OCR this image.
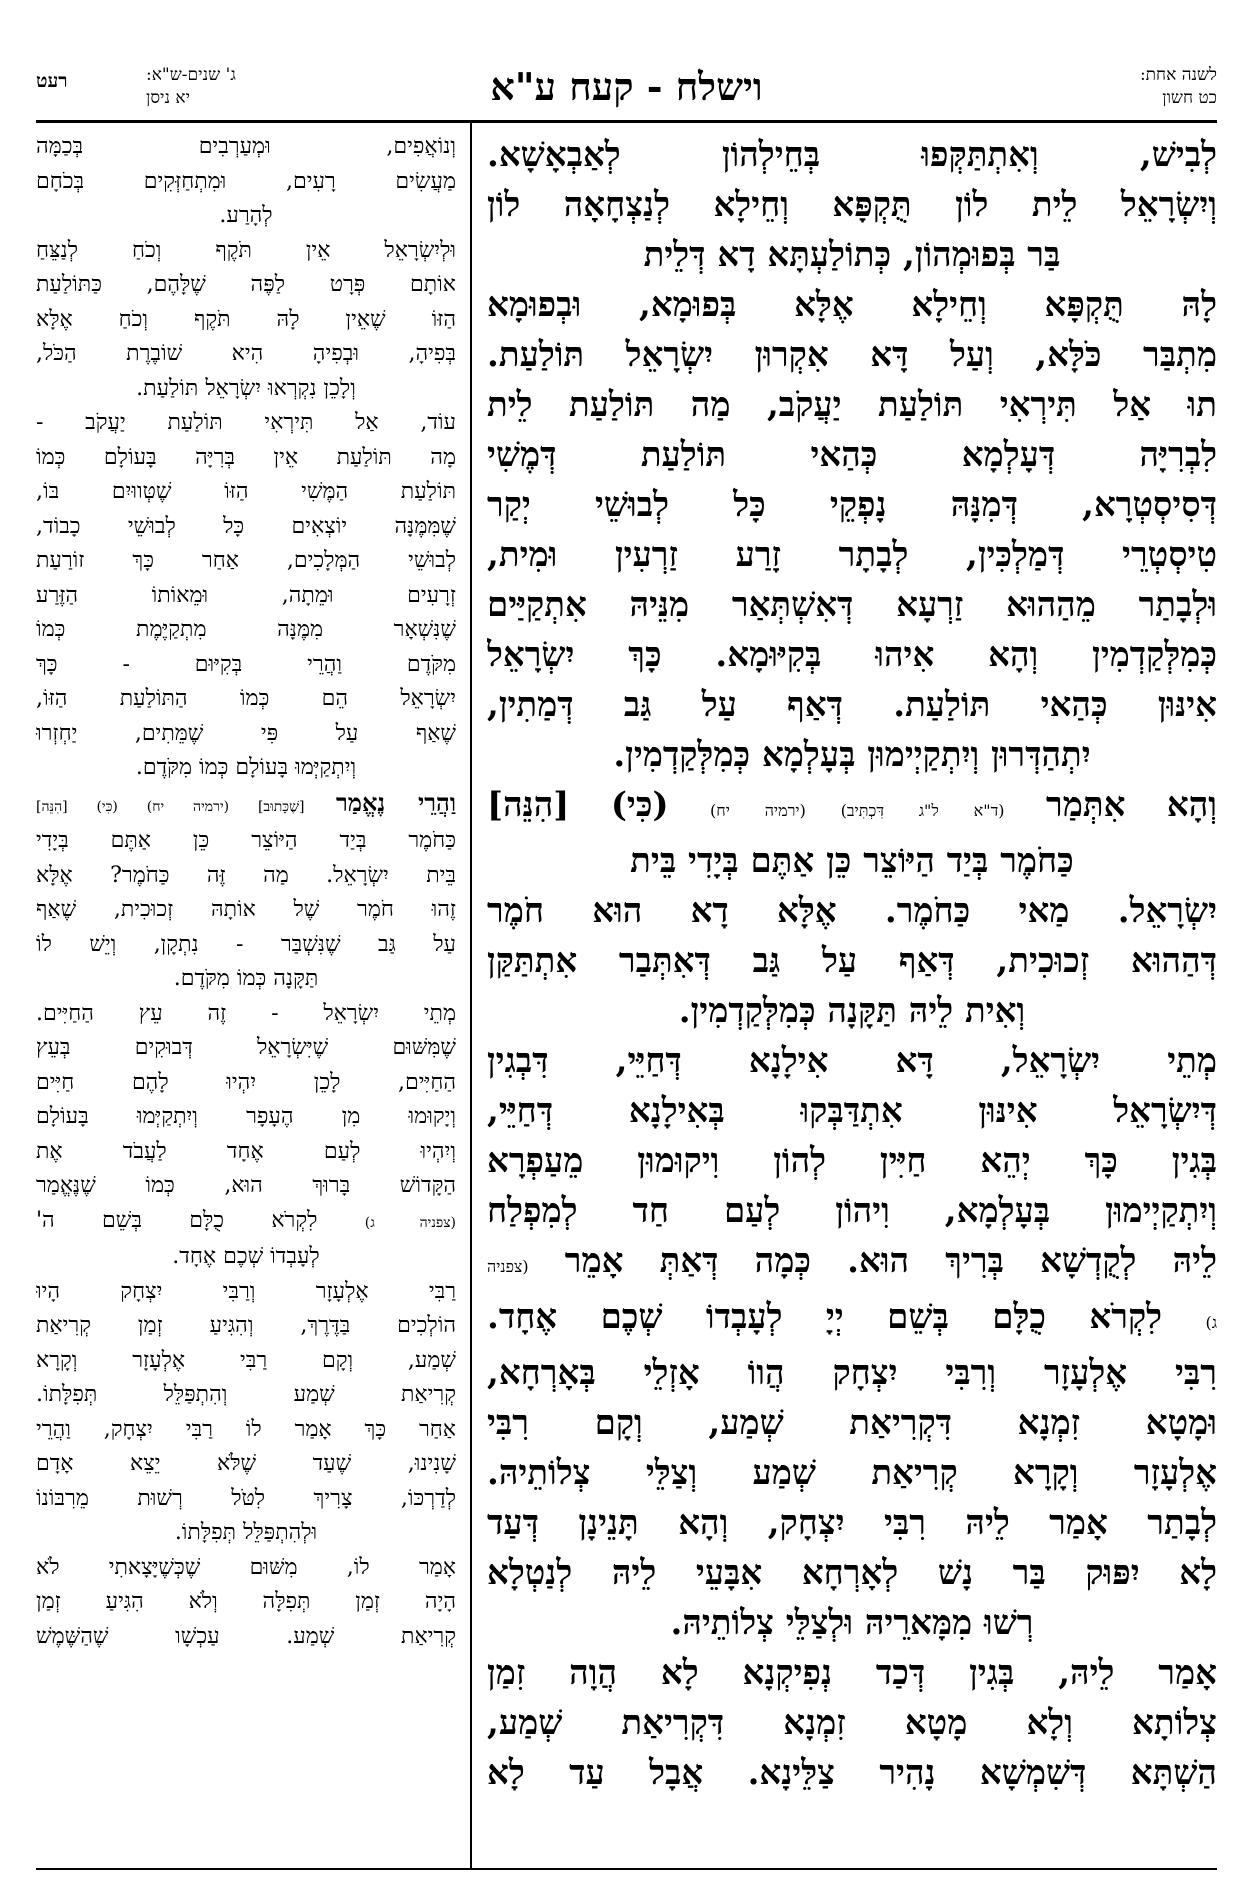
לשנה אחת:
כט חשון
וישלח - קעח ע"א
ג' שנים-ש"א:
יא ניסן
רעט

לְבִישׁ, וְאִתְתַּקְּפוּ בְּחֵילְהוֹן לְאַבְאָשָׁא.

וְיִשְׂרָאֵל לֵית לוֹן תֻּקְפָּא וְחֵילָא לְנַצְחָאָה לוֹן

בַּר בְּפוּמְהוֹן, כְּתוֹלַעְתָּא דָא דְּלֵית

לָהּ תֻּקְפָּא וְחֵילָא אֶלָּא בְּפוּמָא, וּבְפוּמָא

מִתְבַּר כֹּלָּא, וְעַל דָּא אִקְרוּן יִשְׂרָאֵל תּוֹלַעַת.

תוּ אַל תִּירְאִי תּוֹלַעַת יַעֲקֹב, מַה תּוֹלַעַת לֵית

לִבְרִיָּה דְּעָלְמָא כְּהַאי תּוֹלַעַת דְּמֶשִׁי

דְּסִיסְטְרָא, דְּמִנָּהּ נָפְקֵי כָּל לְבוּשֵׁי יְקַר

טִיסְטְרֵי דְּמַלְכִּין, לְבָתָר זָרַע זַרְעִין וּמִית,

וּלְבָתַר מֵהַהוּא זַרְעָא דְּאִשְׁתְּאַר מִנֵּיהּ אִתְקַיַּים

כְּמִלְּקַדְמִין וְהָא אִיהוּ בְּקִיּוּמָא. כָּךְ יִשְׂרָאֵל

אִינּוּן כְּהַאי תּוֹלַעַת. דְּאַף עַל גַּב דְּמַתִין,

יִתְהַדְּרוּן וְיִתְקַיְימוּן בְּעָלְמָא כְּמִלְּקַדְמִין.

וְהָא אִתְּמַר (ד"א ל"ג דִּכְתִּיב) (ירמיה יח) (כִּי) [הִנֵּה]

כַּחֹמֶר בְּיַד הַיּוֹצֵר כֵּן אַתֶּם בְּיָדִי בֵּית

יִשְׂרָאֵל. מַאי כַּחֹמֶר. אֶלָּא דָא הוּא חֹמֶר

דְּהַהוּא זְכוּכִית, דְּאַף עַל גַּב דְּאִתְּבַר אִתְתַּקַּן

וְאִית לֵיהּ תַּקָּנָה כְּמִלְּקַדְמִין.

מְתֵי יִשְׂרָאֵל, דָּא אִילָנָא דְּחַיֵּי, דִּבְגִין

דְּיִשְׂרָאֵל אִינּוּן אִתְדַּבְּקוּ בְּאִילָנָא דְּחַיֵּי,

בְּגִין כָּךְ יְהֵא חַיִּין לְהוֹן וִיקוּמוּן מֵעַפְרָא

וְיִתְקַיְימוּן בְּעָלְמָא, וִיהוֹן לְעַם חַד לְמִפְלַח

לֵיהּ לְקֻדְשָׁא בְּרִיךְ הוּא. כְּמָה דְּאַתְּ אָמֵר (צפניה

ג) לִקְרֹא כֻלָּם בְּשֵׁם יְיָ לְעָבְדוֹ שְׁכֶם אֶחָד.

רִבִּי אֶלְעָזָר וְרִבִּי יִצְחָק הֲווֹ אָזְלֵי בְּאָרְחָא,

וּמָטָא זִמְנָא דִּקְרִיאַת שְׁמַע, וְקָם רִבִּי

אֶלְעָזָר וְקָרָא קְרִיאַת שְׁמַע וְצַלֵּי צְלוֹתֵיהּ.

לְבָתַר אָמַר לֵיהּ רִבִּי יִצְחָק, וְהָא תָּנֵינָן דְּעַד

לָא יִפּוּק בַּר נָשׁ לְאָרְחָא אִבָּעֵי לֵיהּ לְנַטְלָא

רְשׁוּ מִמָּארֵיהּ וּלְצַלֵּי צְלוֹתֵיהּ.

אָמַר לֵיהּ, בְּגִין דְּכַד נְפִיקְנָא לָא הֲוָה זִמַן

צְלוֹתָא וְלָא מָטָא זִמְנָא דִּקְרִיאַת שְׁמַע,

הַשְׁתָּא דְּשִׁמְשָׁא נָהִיר צַלֵּינָא. אֲבָל עַד לָא

וְנוֹאֲפִים, וּמְעַרְבִים בְּכַמָּה

מַעֲשִׂים רָעִים, וּמִתְחַזְּקִים בְּכֹחָם

לְהָרַע.

וּלְיִשְׂרָאֵל אֵין תֹּקֶף וְכֹחַ לְנַצֵּחַ

אוֹתָם פְּרָט לַפֶּה שֶׁלָּהֶם, כַּתּוֹלַעַת

הַזּוֹ שֶׁאֵין לָהּ תֹּקֶף וְכֹחַ אֶלָּא

בְּפִיהָ, וּבְפִיהָ הִיא שׁוֹבֶרֶת הַכֹּל,

וְלָכֵן נִקְרְאוּ יִשְׂרָאֵל תּוֹלַעַת.

עוֹד, אַל תִּירְאִי תּוֹלַעַת יַעֲקֹב -

מָה תּוֹלַעַת אֵין בְּרִיָּה בָּעוֹלָם כְּמוֹ

תּוֹלַעַת הַמֶּשִׁי הַזּוֹ שֶׁטְּווּיִם בּוֹ,

שֶׁמִּמֶּנָּה יוֹצְאִים כָּל לְבוּשֵׁי כָבוֹד,

לְבוּשֵׁי הַמְּלָכִים, אַחַר כָּךְ זוֹרַעַת

זְרָעִים וּמֵתָה, וּמֵאוֹתוֹ הַזֶּרַע

שֶׁנִּשְׁאָר מִמֶּנָּה מִתְקַיֶּמֶת כְּמוֹ

מִקֹּדֶם וַהֲרֵי בְּקִיּוּם - כָּךְ

יִשְׂרָאֵל הֵם כְּמוֹ הַתּוֹלַעַת הַזּוֹ,

שֶׁאַף עַל פִּי שֶׁמֵּתִים, יַחְזְרוּ

וְיִתְקַיְּמוּ בָּעוֹלָם כְּמוֹ מִקֹּדֶם.

וַהֲרֵי נֶאֱמַר [שֶׁכָּתוּב] (ירמיה יח) (כִּי) [הִנֵּה]

כַּחֹמֶר בְּיַד הַיּוֹצֵר כֵּן אַתֶּם בְּיָדִי

בֵּית יִשְׂרָאֵל. מַה זֶּה כַּחֹמֶר? אֶלָּא

זֶהוּ חֹמֶר שֶׁל אוֹתָהּ זְכוּכִית, שֶׁאַף

עַל גַּב שֶׁנִּשְׁבַּר - נִתְקָן, וְיֵשׁ לוֹ

תַּקָּנָה כְּמוֹ מִקֹּדֶם.

מְתֵי יִשְׂרָאֵל - זֶה עֵץ הַחַיִּים.

שֶׁמִּשּׁוּם שֶׁיִּשְׂרָאֵל דְּבוּקִים בְּעֵץ

הַחַיִּים, לָכֵן יִהְיוּ לָהֶם חַיִּים

וְיָקוּמוּ מִן הֶעָפָר וְיִתְקַיְּמוּ בָּעוֹלָם

וְיִהְיוּ לְעַם אֶחָד לַעֲבֹד אֶת

הַקָּדוֹשׁ בָּרוּךְ הוּא, כְּמוֹ שֶׁנֶּאֱמַר

(צפניה ג) לִקְרֹא כֻלָּם בְּשֵׁם ה'

לְעָבְדוֹ שְׁכֶם אֶחָד.

רַבִּי אֶלְעָזָר וְרַבִּי יִצְחָק הָיוּ

הוֹלְכִים בַּדֶּרֶךְ, וְהִגִּיעַ זְמַן קְרִיאַת

שְׁמַע, וְקָם רַבִּי אֶלְעָזָר וְקָרָא

קְרִיאַת שְׁמַע וְהִתְפַּלֵּל תְּפִלָּתוֹ.

אַחַר כָּךְ אָמַר לוֹ רַבִּי יִצְחָק, וַהֲרֵי

שָׁנִינוּ, שֶׁעַד שֶׁלֹּא יֵצֵא אָדָם

לְדַרְכּוֹ, צָרִיךְ לִטֹּל רְשׁוּת מֵרִבּוֹנוֹ

וּלְהִתְפַּלֵּל תְּפִלָּתוֹ.

אָמַר לוֹ, מִשּׁוּם שֶׁכְּשֶׁיָּצָאתִי לֹא

הָיָה זְמַן תְּפִלָּה וְלֹא הִגִּיעַ זְמַן

קְרִיאַת שְׁמַע. עַכְשָׁו שֶׁהַשֶּׁמֶשׁ
